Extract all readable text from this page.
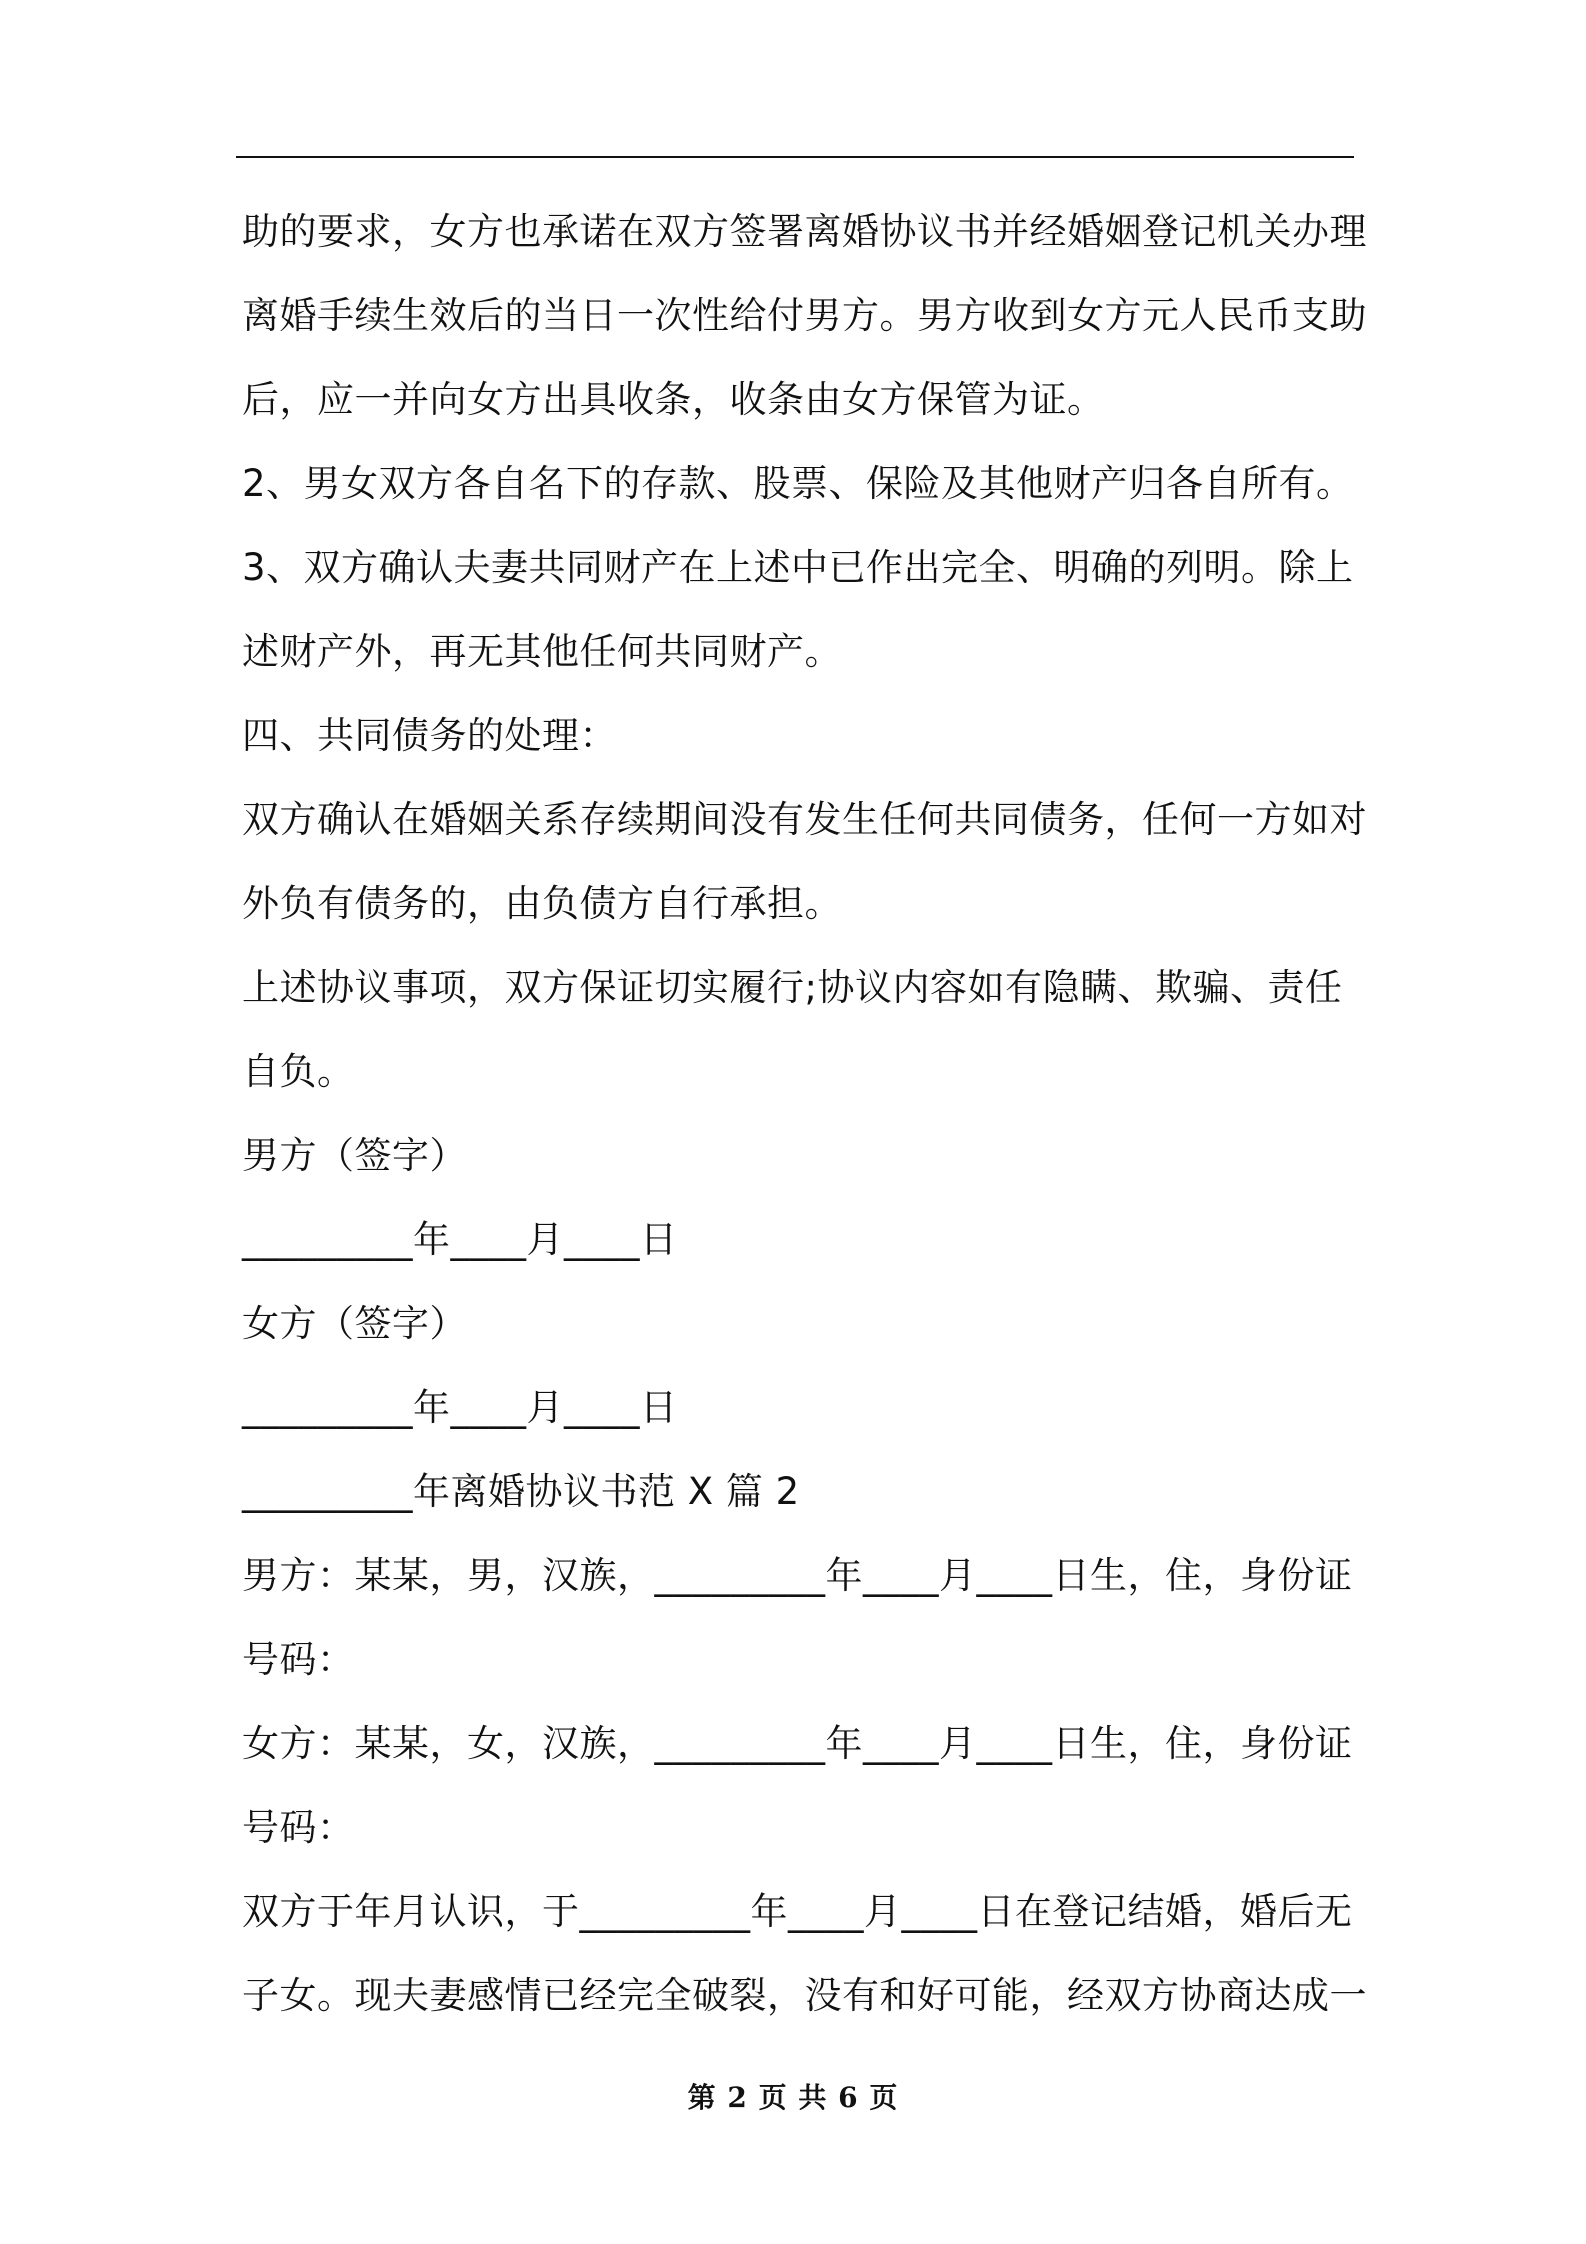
助的要求，女方也承诺在双方签署离婚协议书并经婚姻登记机关办理
离婚手续生效后的当日一次性给付男方。男方收到女方元人民币支助
后，应一并向女方出具收条，收条由女方保管为证。
2、男女双方各自名下的存款、股票、保险及其他财产归各自所有。
3、双方确认夫妻共同财产在上述中已作出完全、明确的列明。除上
述财产外，再无其他任何共同财产。
四、共同债务的处理：
双方确认在婚姻关系存续期间没有发生任何共同债务，任何一方如对
外负有债务的，由负债方自行承担。
上述协议事项，双方保证切实履行;协议内容如有隐瞒、欺骗、责任
自负。
男方（签字）
_________年____月____日
女方（签字）
_________年____月____日
_________年离婚协议书范 X 篇 2
男方：某某，男，汉族，_________年____月____日生，住，身份证
号码：
女方：某某，女，汉族，_________年____月____日生，住，身份证
号码：
双方于年月认识，于_________年____月____日在登记结婚，婚后无
子女。现夫妻感情已经完全破裂，没有和好可能，经双方协商达成一
第 2 页 共 6 页
